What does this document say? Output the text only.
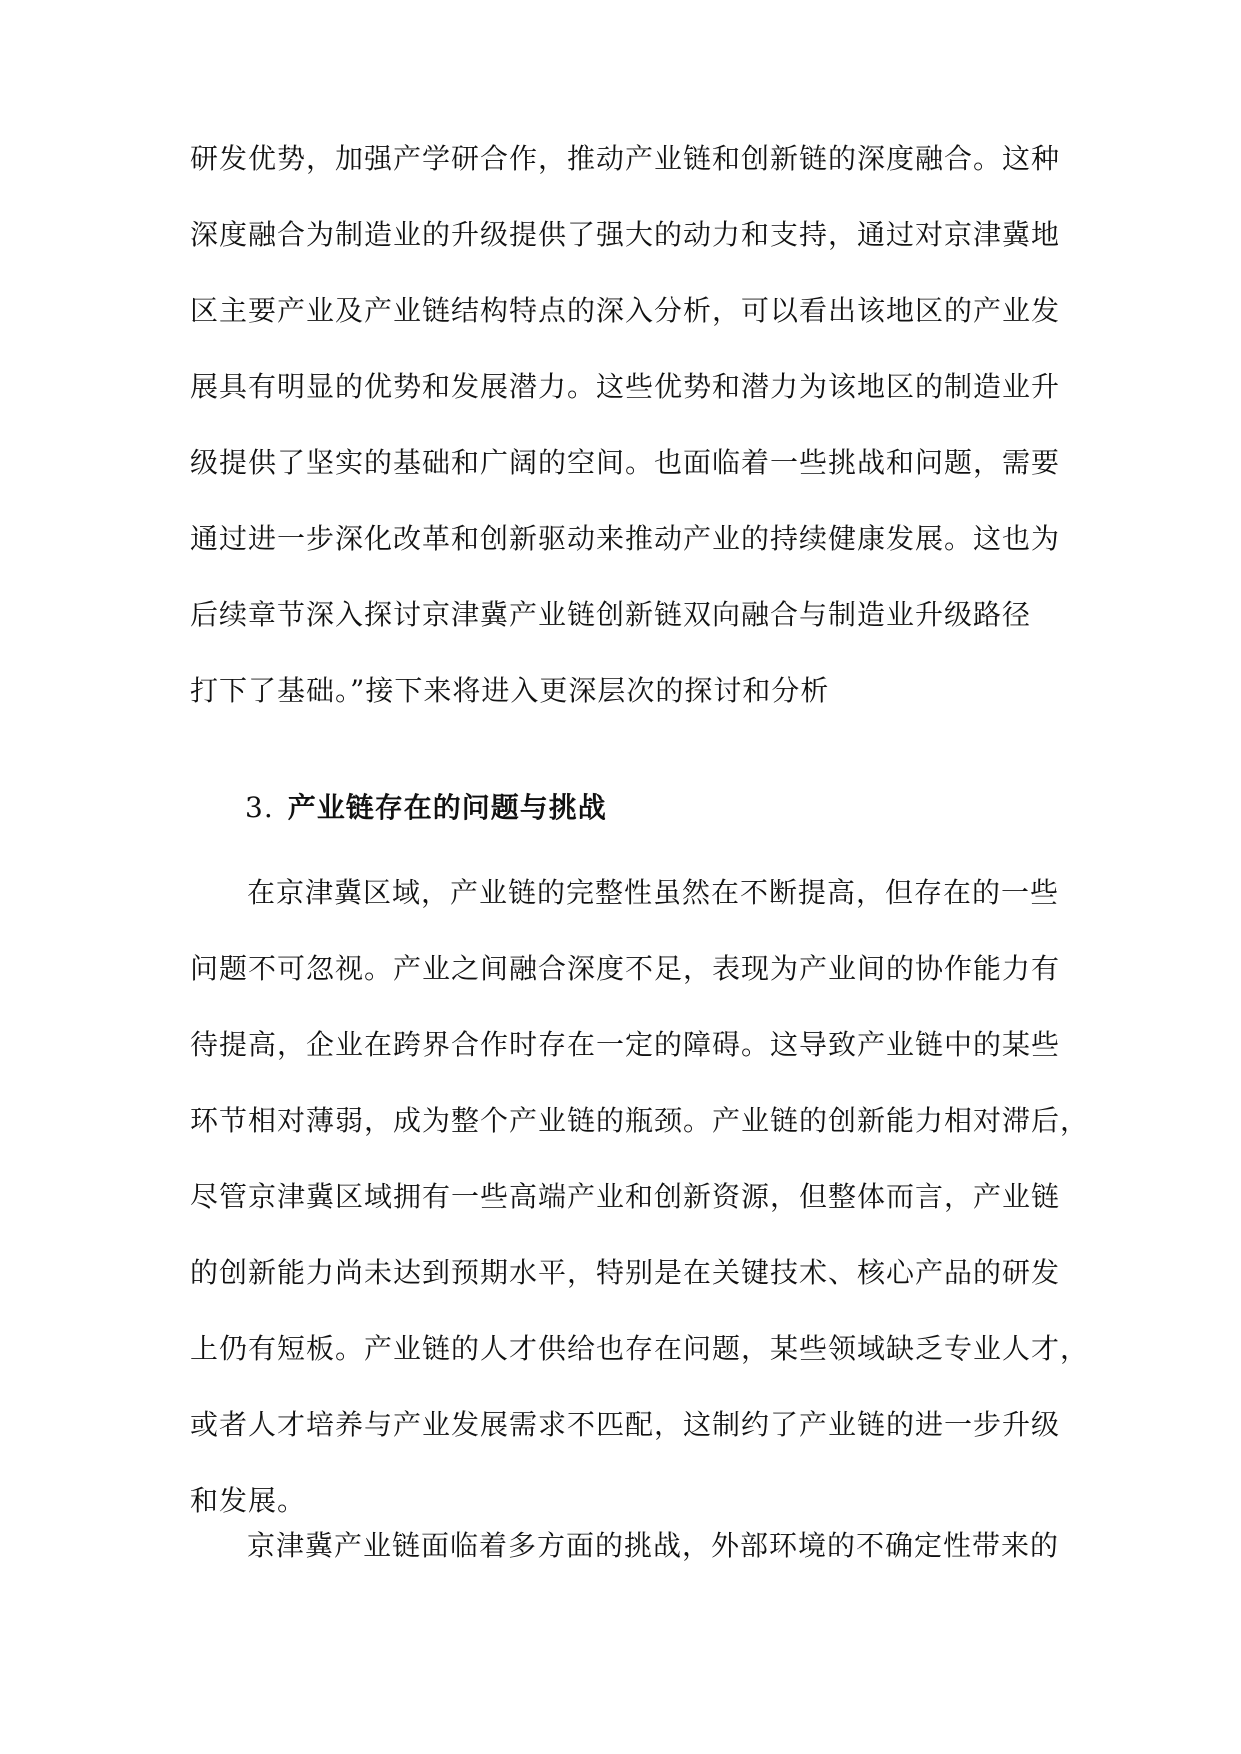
研发优势，加强产学研合作，推动产业链和创新链的深度融合。这种
深度融合为制造业的升级提供了强大的动力和支持，通过对京津冀地
区主要产业及产业链结构特点的深入分析，可以看出该地区的产业发
展具有明显的优势和发展潜力。这些优势和潜力为该地区的制造业升
级提供了坚实的基础和广阔的空间。也面临着一些挑战和问题，需要
通过进一步深化改革和创新驱动来推动产业的持续健康发展。这也为
后续章节深入探讨京津冀产业链创新链双向融合与制造业升级路径
打下了基础。”接下来将进入更深层次的探讨和分析
3. 产业链存在的问题与挑战
在京津冀区域，产业链的完整性虽然在不断提高，但存在的一些
问题不可忽视。产业之间融合深度不足，表现为产业间的协作能力有
待提高，企业在跨界合作时存在一定的障碍。这导致产业链中的某些
环节相对薄弱，成为整个产业链的瓶颈。产业链的创新能力相对滞后，
尽管京津冀区域拥有一些高端产业和创新资源，但整体而言，产业链
的创新能力尚未达到预期水平，特别是在关键技术、核心产品的研发
上仍有短板。产业链的人才供给也存在问题，某些领域缺乏专业人才，
或者人才培养与产业发展需求不匹配，这制约了产业链的进一步升级
和发展。
京津冀产业链面临着多方面的挑战，外部环境的不确定性带来的
